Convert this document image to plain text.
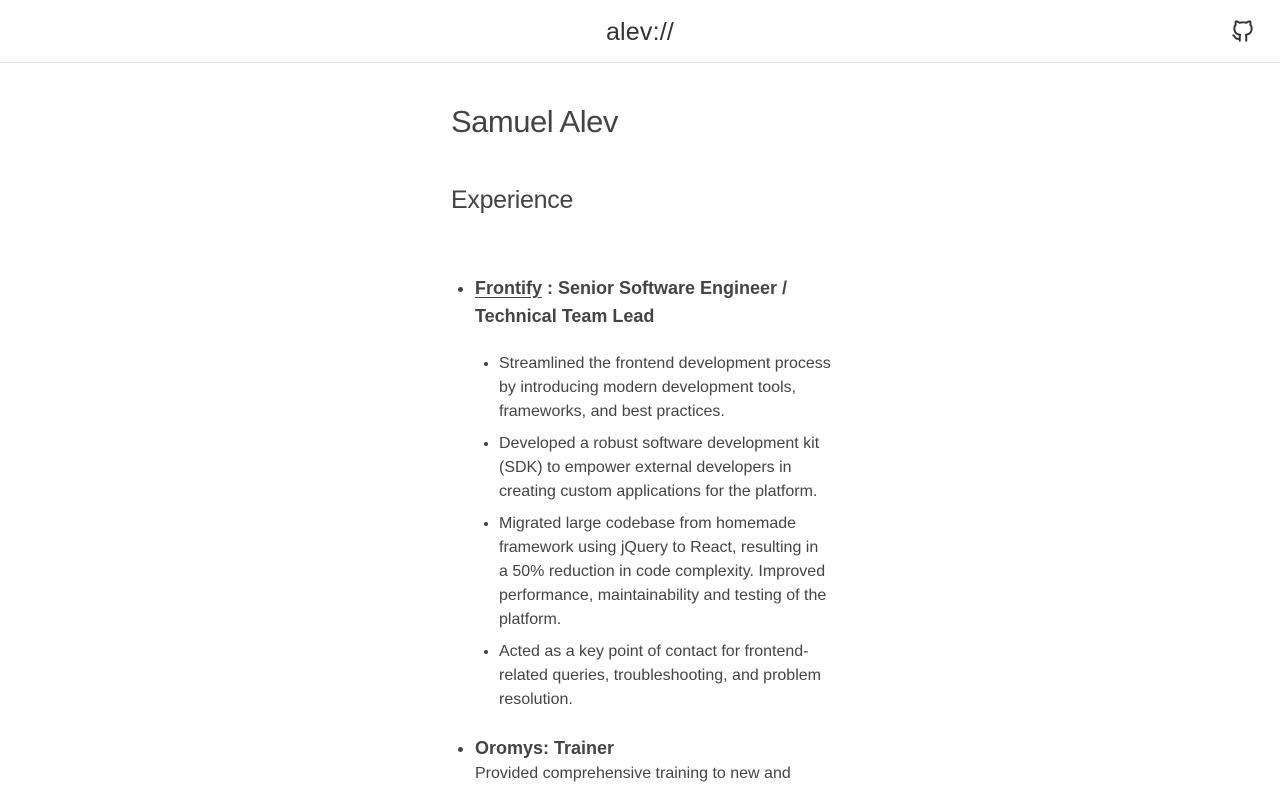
alev://
Samuel Alev
Experience
• Frontify : Senior Software Engineer / Technical Team Lead
• Streamlined the frontend development process by introducing modern development tools, frameworks, and best practices.
• Developed a robust software development kit (SDK) to empower external developers in creating custom applications for the platform.
• Migrated large codebase from homemade framework using jQuery to React, resulting in a 50% reduction in code complexity. Improved performance, maintainability and testing of the platform.
• Acted as a key point of contact for frontend-related queries, troubleshooting, and problem resolution.
• Oromys: Trainer
Provided comprehensive training to new and
